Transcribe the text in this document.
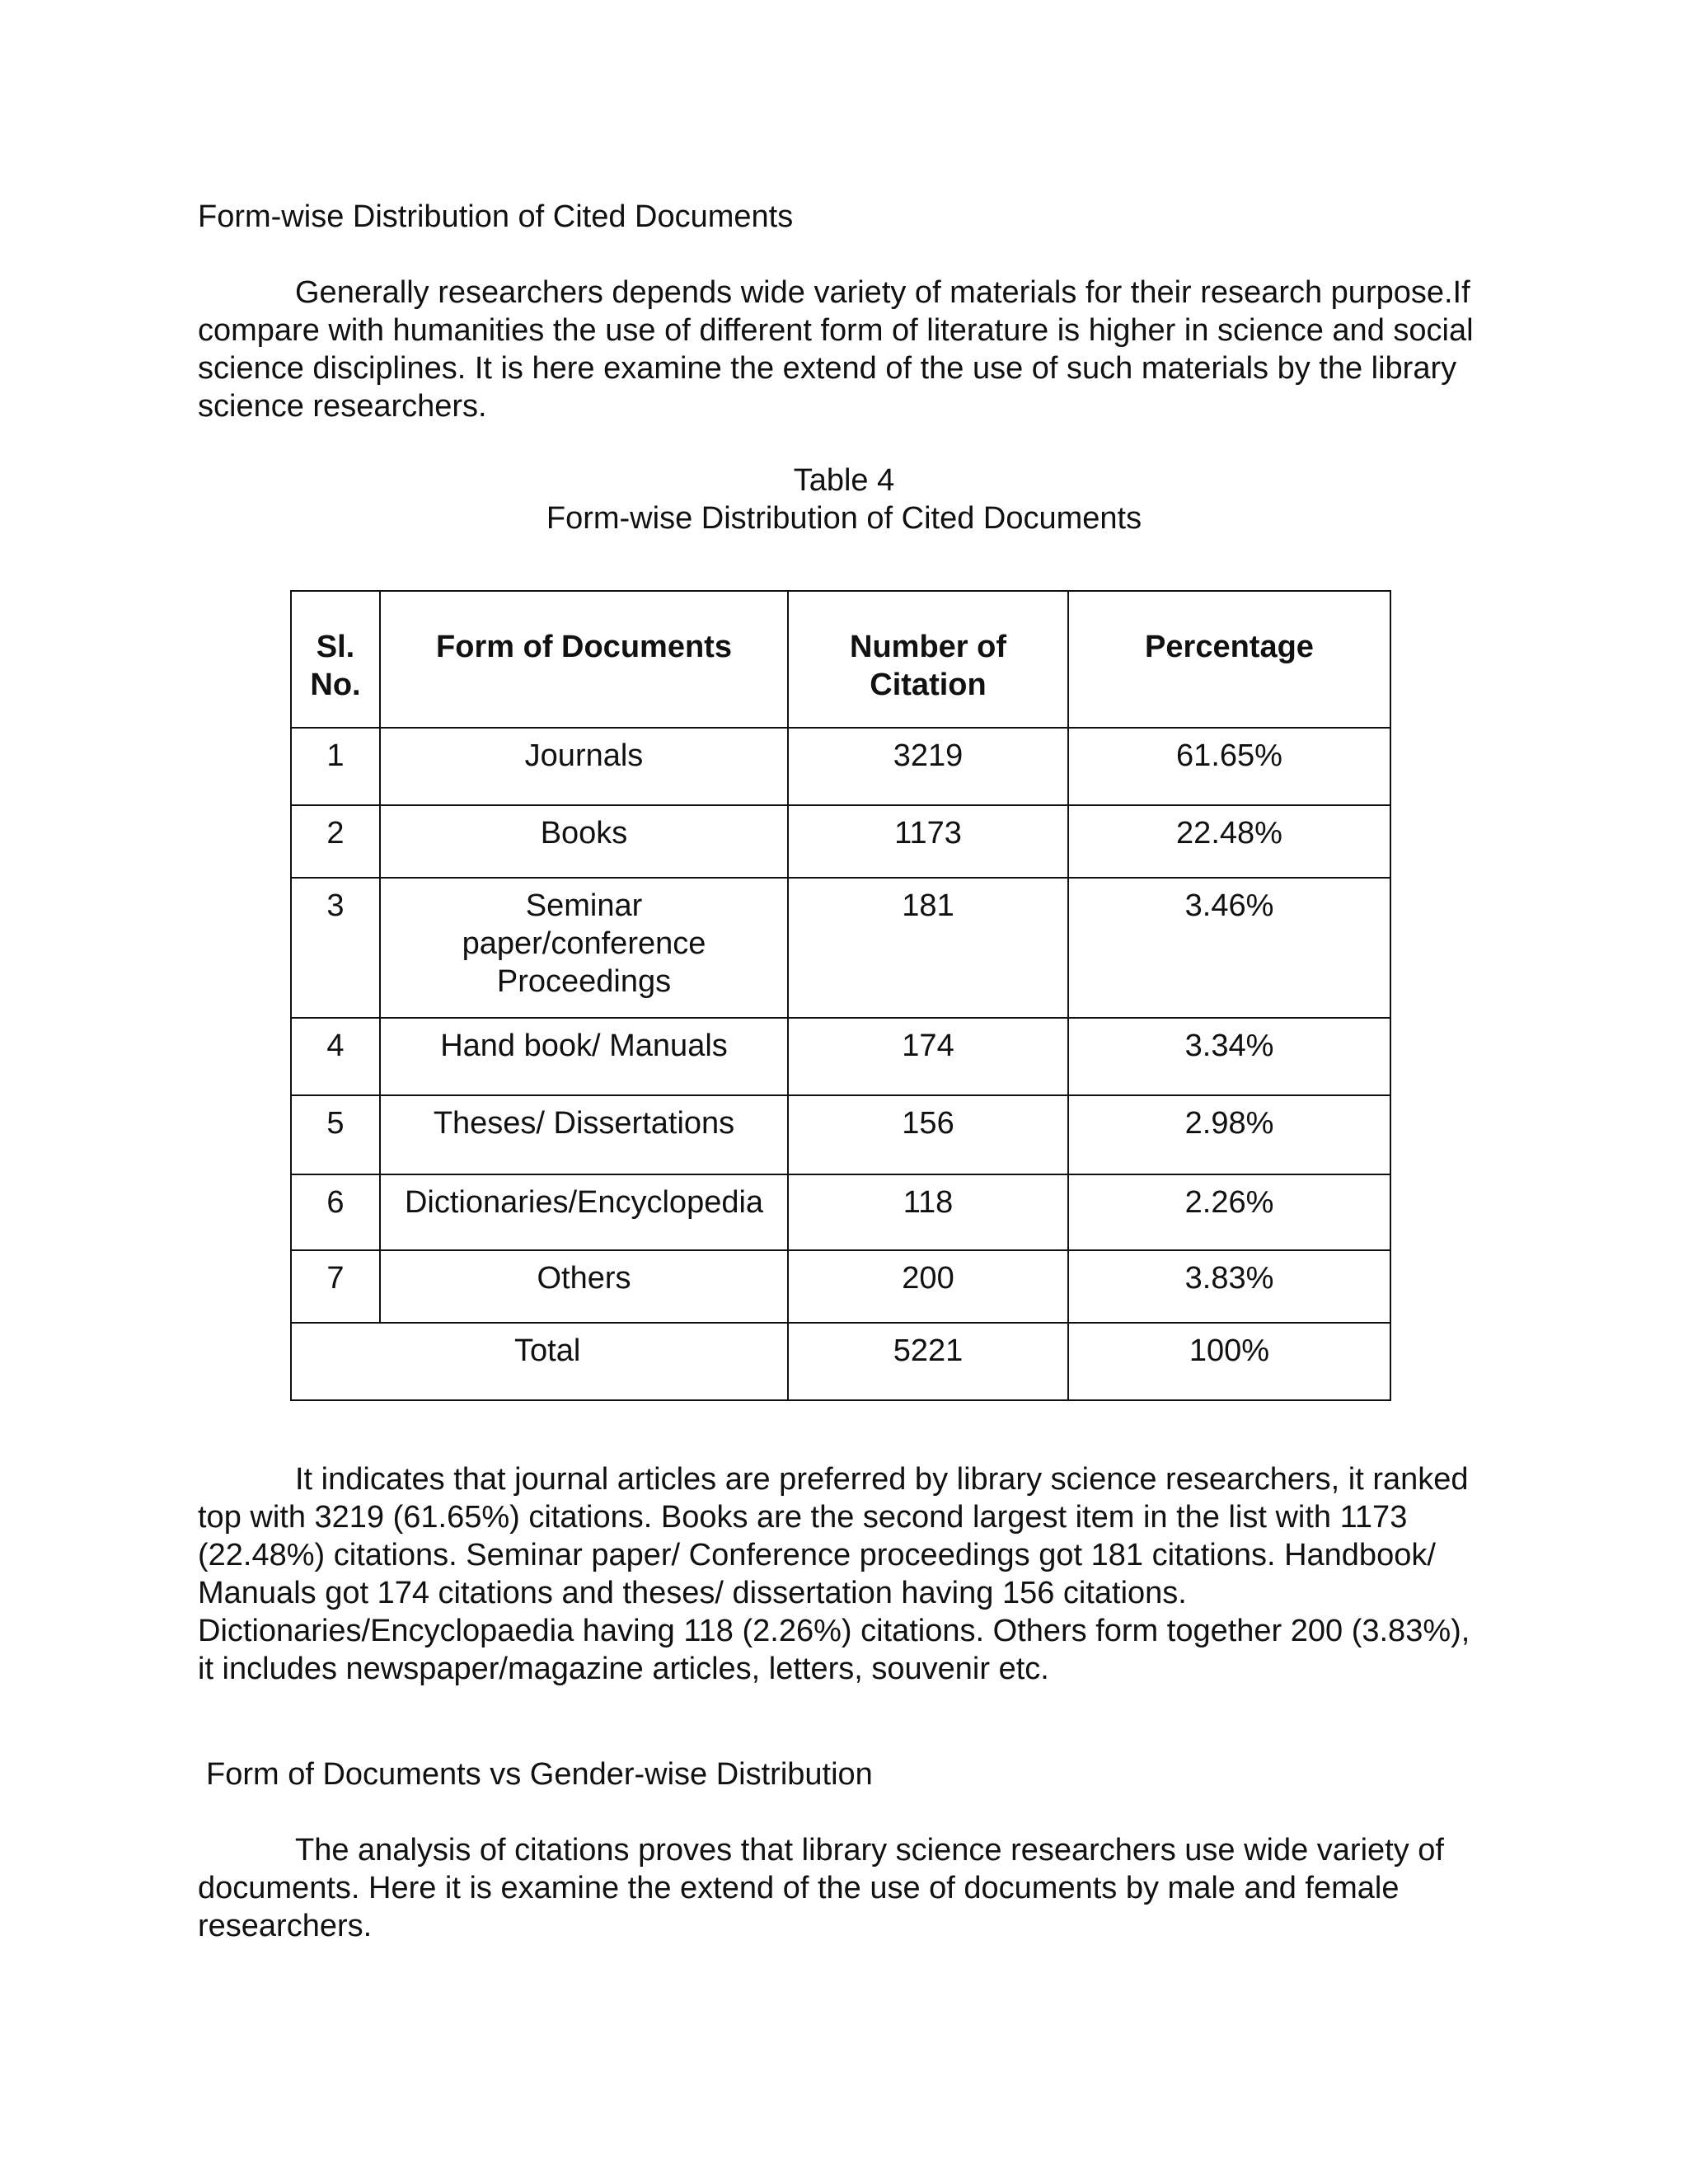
Form-wise Distribution of Cited Documents

Generally researchers depends wide variety of materials for their research purpose.If compare with humanities the use of different form of literature is higher in science and social science disciplines. It is here examine the extend of the use of such materials by the library science researchers.

Table 4

Form-wise Distribution of Cited Documents

Sl. No.	Form of Documents	Number of Citation	Percentage
1	Journals	3219	61.65%
2	Books	1173	22.48%
3	Seminar paper/conference Proceedings	181	3.46%
4	Hand book/ Manuals	174	3.34%
5	Theses/ Dissertations	156	2.98%
6	Dictionaries/Encyclopedia	118	2.26%
7	Others	200	3.83%
	Total	5221	100%

It indicates that journal articles are preferred by library science researchers, it ranked top with 3219 (61.65%) citations. Books are the second largest item in the list with 1173 (22.48%) citations. Seminar paper/ Conference proceedings got 181 citations. Handbook/ Manuals got 174 citations and theses/ dissertation having 156 citations. Dictionaries/Encyclopaedia having 118 (2.26%) citations. Others form together 200 (3.83%), it includes newspaper/magazine articles, letters, souvenir etc.

Form of Documents vs Gender-wise Distribution

The analysis of citations proves that library science researchers use wide variety of documents. Here it is examine the extend of the use of documents by male and female researchers.
